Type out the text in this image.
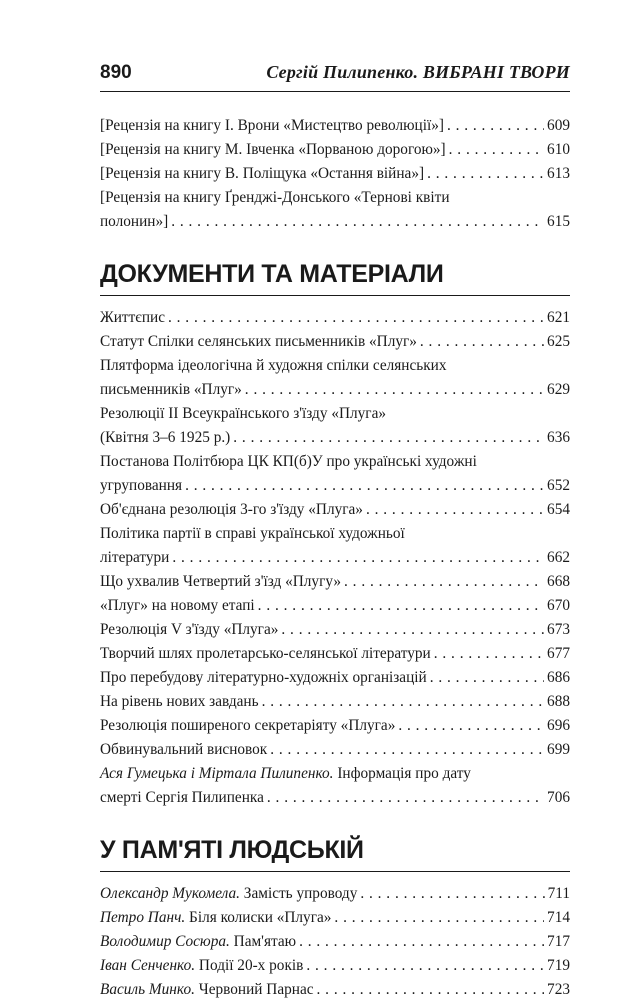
890	Сергій Пилипенко. ВИБРАНІ ТВОРИ
[Рецензія на книгу І. Врони «Мистецтво революції»] . . .	609
[Рецензія на книгу М. Івченка «Порваною дорогою»] . . .	610
[Рецензія на книгу В. Поліщука «Остання війна»] . . .	613
[Рецензія на книгу Ґренджі-Донського «Тернові квіти
полонин»] . . .	615
ДОКУМЕНТИ ТА МАТЕРІАЛИ
Життєпис . . .	621
Статут Спілки селянських письменників «Плуг» . . .	625
Плятформа ідеологічна й художня спілки селянських
письменників «Плуг» . . .	629
Резолюції ІІ Всеукраїнського з'їзду «Плуга»
(Квітня 3–6 1925 р.) . . .	636
Постанова Політбюра ЦК КП(б)У про українські художні
угруповання . . .	652
Об'єднана резолюція 3-го з'їзду «Плуга» . . .	654
Політика партії в справі української художньої
літератури . . .	662
Що ухвалив Четвертий з'їзд «Плугу» . . .	668
«Плуг» на новому етапі . . .	670
Резолюція V з'їзду «Плуга» . . .	673
Творчий шлях пролетарсько-селянської літератури . . .	677
Про перебудову літературно-художніх організацій . . .	686
На рівень нових завдань . . .	688
Резолюція поширеного секретаріяту «Плуга» . . .	696
Обвинувальний висновок . . .	699
Ася Гумецька і Міртала Пилипенко. Інформація про дату
смерті Сергія Пилипенка . . .	706
У ПАМ'ЯТІ ЛЮДСЬКІЙ
Олександр Мукомела. Замість упроводу . . .	711
Петро Панч. Біля колиски «Плуга» . . .	714
Володимир Сосюра. Пам'ятаю . . .	717
Іван Сенченко. Події 20-х років . . .	719
Василь Минко. Червоний Парнас . . .	723
